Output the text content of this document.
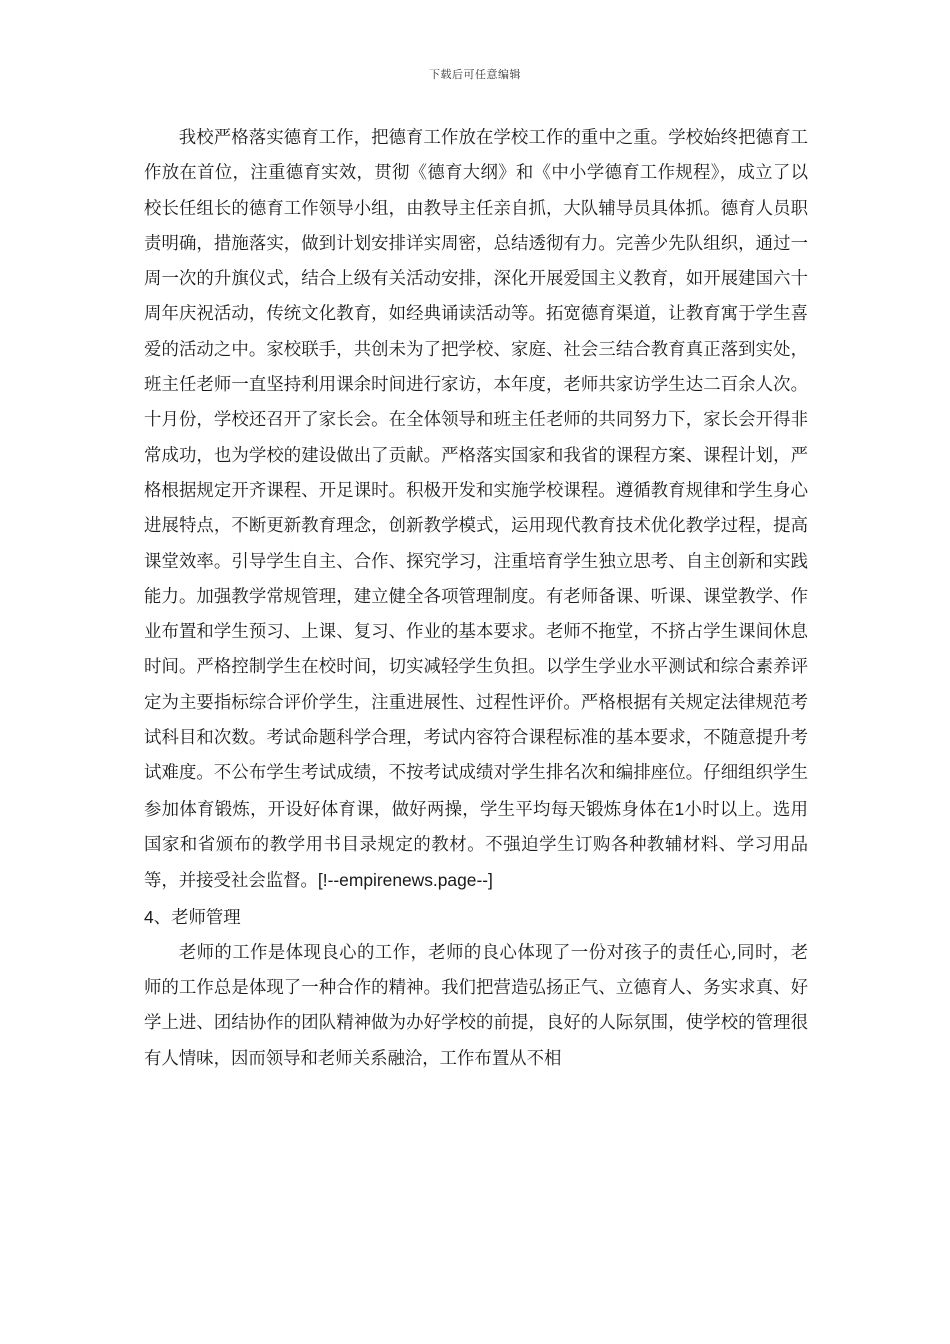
下载后可任意编辑

我校严格落实德育工作，把德育工作放在学校工作的重中之重。学校始终把德育工作放在首位，注重德育实效，贯彻《德育大纲》和《中小学德育工作规程》，成立了以校长任组长的德育工作领导小组，由教导主任亲自抓，大队辅导员具体抓。德育人员职责明确，措施落实，做到计划安排详实周密，总结透彻有力。完善少先队组织，通过一周一次的升旗仪式，结合上级有关活动安排，深化开展爱国主义教育，如开展建国六十周年庆祝活动，传统文化教育，如经典诵读活动等。拓宽德育渠道，让教育寓于学生喜爱的活动之中。家校联手，共创未为了把学校、家庭、社会三结合教育真正落到实处，班主任老师一直坚持利用课余时间进行家访，本年度，老师共家访学生达二百余人次。十月份，学校还召开了家长会。在全体领导和班主任老师的共同努力下，家长会开得非常成功，也为学校的建设做出了贡献。严格落实国家和我省的课程方案、课程计划，严格根据规定开齐课程、开足课时。积极开发和实施学校课程。遵循教育规律和学生身心进展特点，不断更新教育理念，创新教学模式，运用现代教育技术优化教学过程，提高课堂效率。引导学生自主、合作、探究学习，注重培育学生独立思考、自主创新和实践能力。加强教学常规管理，建立健全各项管理制度。有老师备课、听课、课堂教学、作业布置和学生预习、上课、复习、作业的基本要求。老师不拖堂，不挤占学生课间休息时间。严格控制学生在校时间，切实减轻学生负担。以学生学业水平测试和综合素养评定为主要指标综合评价学生，注重进展性、过程性评价。严格根据有关规定法律规范考试科目和次数。考试命题科学合理，考试内容符合课程标准的基本要求，不随意提升考试难度。不公布学生考试成绩，不按考试成绩对学生排名次和编排座位。仔细组织学生参加体育锻炼，开设好体育课，做好两操，学生平均每天锻炼身体在1小时以上。选用国家和省颁布的教学用书目录规定的教材。不强迫学生订购各种教辅材料、学习用品等，并接受社会监督。[!--empirenews.page--]

4、老师管理

老师的工作是体现良心的工作，老师的良心体现了一份对孩子的责任心,同时，老师的工作总是体现了一种合作的精神。我们把营造弘扬正气、立德育人、务实求真、好学上进、团结协作的团队精神做为办好学校的前提，良好的人际氛围，使学校的管理很有人情味，因而领导和老师关系融洽，工作布置从不相
